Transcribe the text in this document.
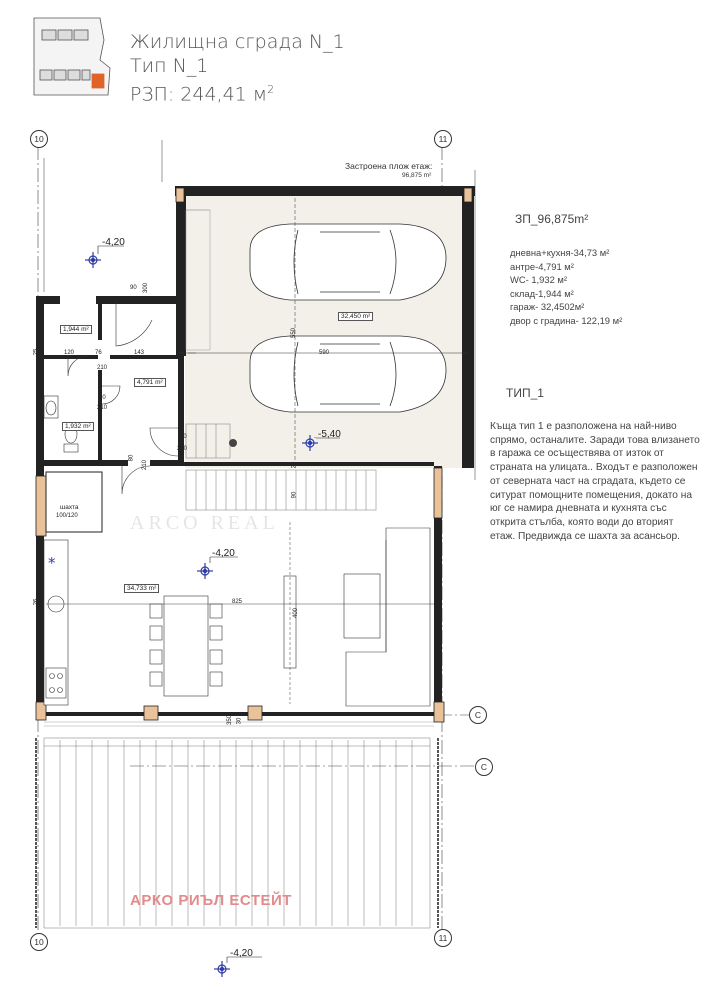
*
Жилищна сграда N_1
Тип N_1
РЗП: 244,41 $м^2$
Застроена плож етаж:
96,875 m²
ЗП_96,875m²
дневна+кухня-34,73 м²
антре-4,791 м²
WC- 1,932 м²
склад-1,944 м²
гараж- 32,4502м²
двор с градина- 122,19 м²
ТИП_1
Къща тип 1 е разположена на най-ниво спрямо, останалите. Заради това влизането в гаража се осъществява от изток от страната на улицата.. Входът е разположен от северната част на сградата, където се ситурат помощните помещения, докато на юг се намира дневната и кухнята със открита стълба, която води до вторият етаж. Предвижда се шахта за асансьор.
10	11
10	11
C
C
-4,20
-5,40
-4,20
-4,20
1,944 m²
1,932 m²
4,791 m²
32,450 m²
34,733 m²
90 300
25	120	76	143	25
210
70
210
70
210
80
210
550	550
300
590
35
35
25
90
825
26
400
350 30
шахта
100/120	ARCO REAL
АРКО РИЪЛ ЕСТЕЙТ
